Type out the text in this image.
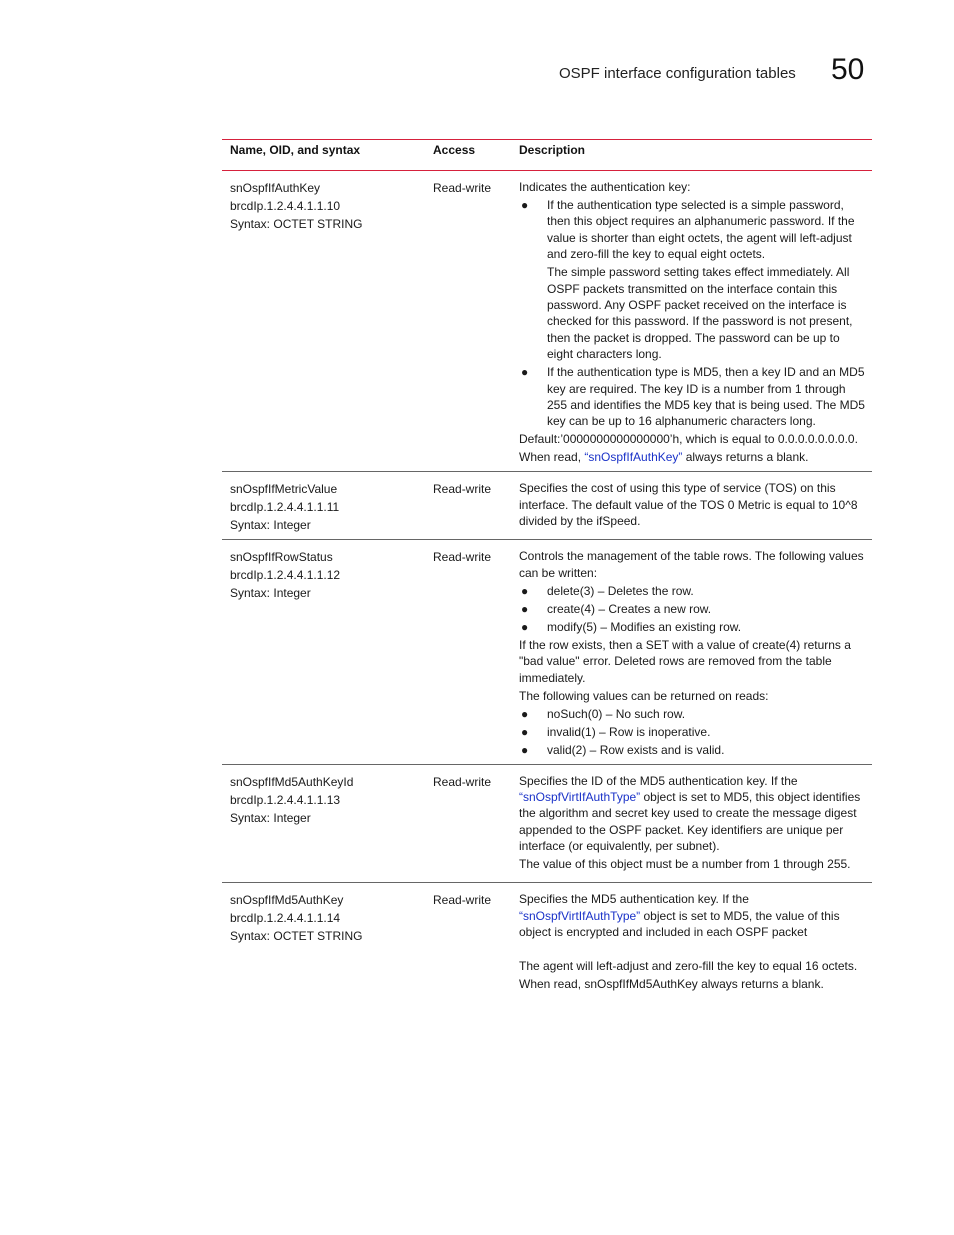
OSPF interface configuration tables 50
Name, OID, and syntax	Access	Description
snOspfIfAuthKey
brcdIp.1.2.4.4.1.1.10
Syntax: OCTET STRING
Read-write	Indicates the authentication key:
● If the authentication type selected is a simple password, then this object requires an alphanumeric password. If the value is shorter than eight octets, the agent will left-adjust and zero-fill the key to equal eight octets.
The simple password setting takes effect immediately. All OSPF packets transmitted on the interface contain this password. Any OSPF packet received on the interface is checked for this password. If the password is not present, then the packet is dropped. The password can be up to eight characters long.
● If the authentication type is MD5, then a key ID and an MD5 key are required. The key ID is a number from 1 through 255 and identifies the MD5 key that is being used. The MD5 key can be up to 16 alphanumeric characters long.
Default:’0000000000000000’h, which is equal to 0.0.0.0.0.0.0.0.
When read, “snOspfIfAuthKey” always returns a blank.
snOspfIfMetricValue
brcdIp.1.2.4.4.1.1.11
Syntax: Integer
Read-write	Specifies the cost of using this type of service (TOS) on this interface. The default value of the TOS 0 Metric is equal to 10^8 divided by the ifSpeed.
snOspfIfRowStatus
brcdIp.1.2.4.4.1.1.12
Syntax: Integer
Read-write	Controls the management of the table rows. The following values can be written:
● delete(3) – Deletes the row.
● create(4) – Creates a new row.
● modify(5) – Modifies an existing row.
If the row exists, then a SET with a value of create(4) returns a "bad value" error. Deleted rows are removed from the table immediately.
The following values can be returned on reads:
● noSuch(0) – No such row.
● invalid(1) – Row is inoperative.
● valid(2) – Row exists and is valid.
snOspfIfMd5AuthKeyId
brcdIp.1.2.4.4.1.1.13
Syntax: Integer
Read-write	Specifies the ID of the MD5 authentication key. If the “snOspfVirtIfAuthType” object is set to MD5, this object identifies the algorithm and secret key used to create the message digest appended to the OSPF packet. Key identifiers are unique per interface (or equivalently, per subnet).
The value of this object must be a number from 1 through 255.
snOspfIfMd5AuthKey
brcdIp.1.2.4.4.1.1.14
Syntax: OCTET STRING
Read-write	Specifies the MD5 authentication key. If the “snOspfVirtIfAuthType” object is set to MD5, the value of this object is encrypted and included in each OSPF packet
The agent will left-adjust and zero-fill the key to equal 16 octets.
When read, snOspfIfMd5AuthKey always returns a blank.
